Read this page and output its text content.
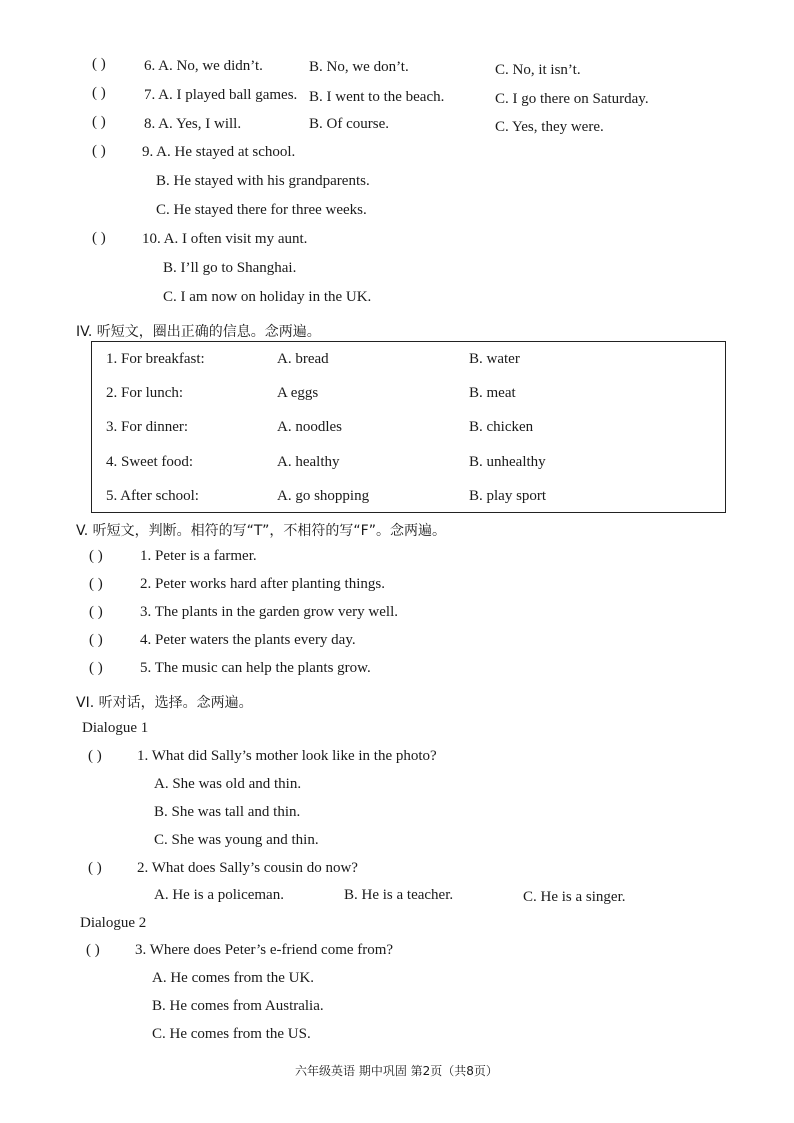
( )	6. A. No, we didn’t.	B. No, we don’t.	C. No, it isn’t.
( )	7. A. I played ball games. B. I went to the beach.	C. I go there on Saturday.
( )	8. A. Yes, I will.	B. Of course.	C. Yes, they were.
( ) 9. A. He stayed at school.
B. He stayed with his grandparents.
C. He stayed there for three weeks.
( ) 10. A. I often visit my aunt.
B. I’ll go to Shanghai.
C. I am now on holiday in the UK.
IV. 听短文，圈出正确的信息。念两遍。
1. For breakfast:	A. bread	B. water
2. For lunch:	A eggs	B. meat
3. For dinner:	A. noodles	B. chicken
4. Sweet food:	A. healthy	B. unhealthy
5. After school:	A. go shopping	B. play sport
V. 听短文，判断。相符的写“T”，不相符的写“F”。念两遍。
( ) 1. Peter is a farmer.
( ) 2. Peter works hard after planting things.
( ) 3. The plants in the garden grow very well.
( ) 4. Peter waters the plants every day.
( ) 5. The music can help the plants grow.
VI. 听对话，选择。念两遍。
Dialogue 1
( ) 1. What did Sally’s mother look like in the photo?
A. She was old and thin.
B. She was tall and thin.
C. She was young and thin.
( ) 2. What does Sally’s cousin do now?
A. He is a policeman.	B. He is a teacher.	C. He is a singer.
Dialogue 2
( ) 3. Where does Peter’s e-friend come from?
A. He comes from the UK.
B. He comes from Australia.
C. He comes from the US.
六年级英语 期中巩固 第2页（共8页）
